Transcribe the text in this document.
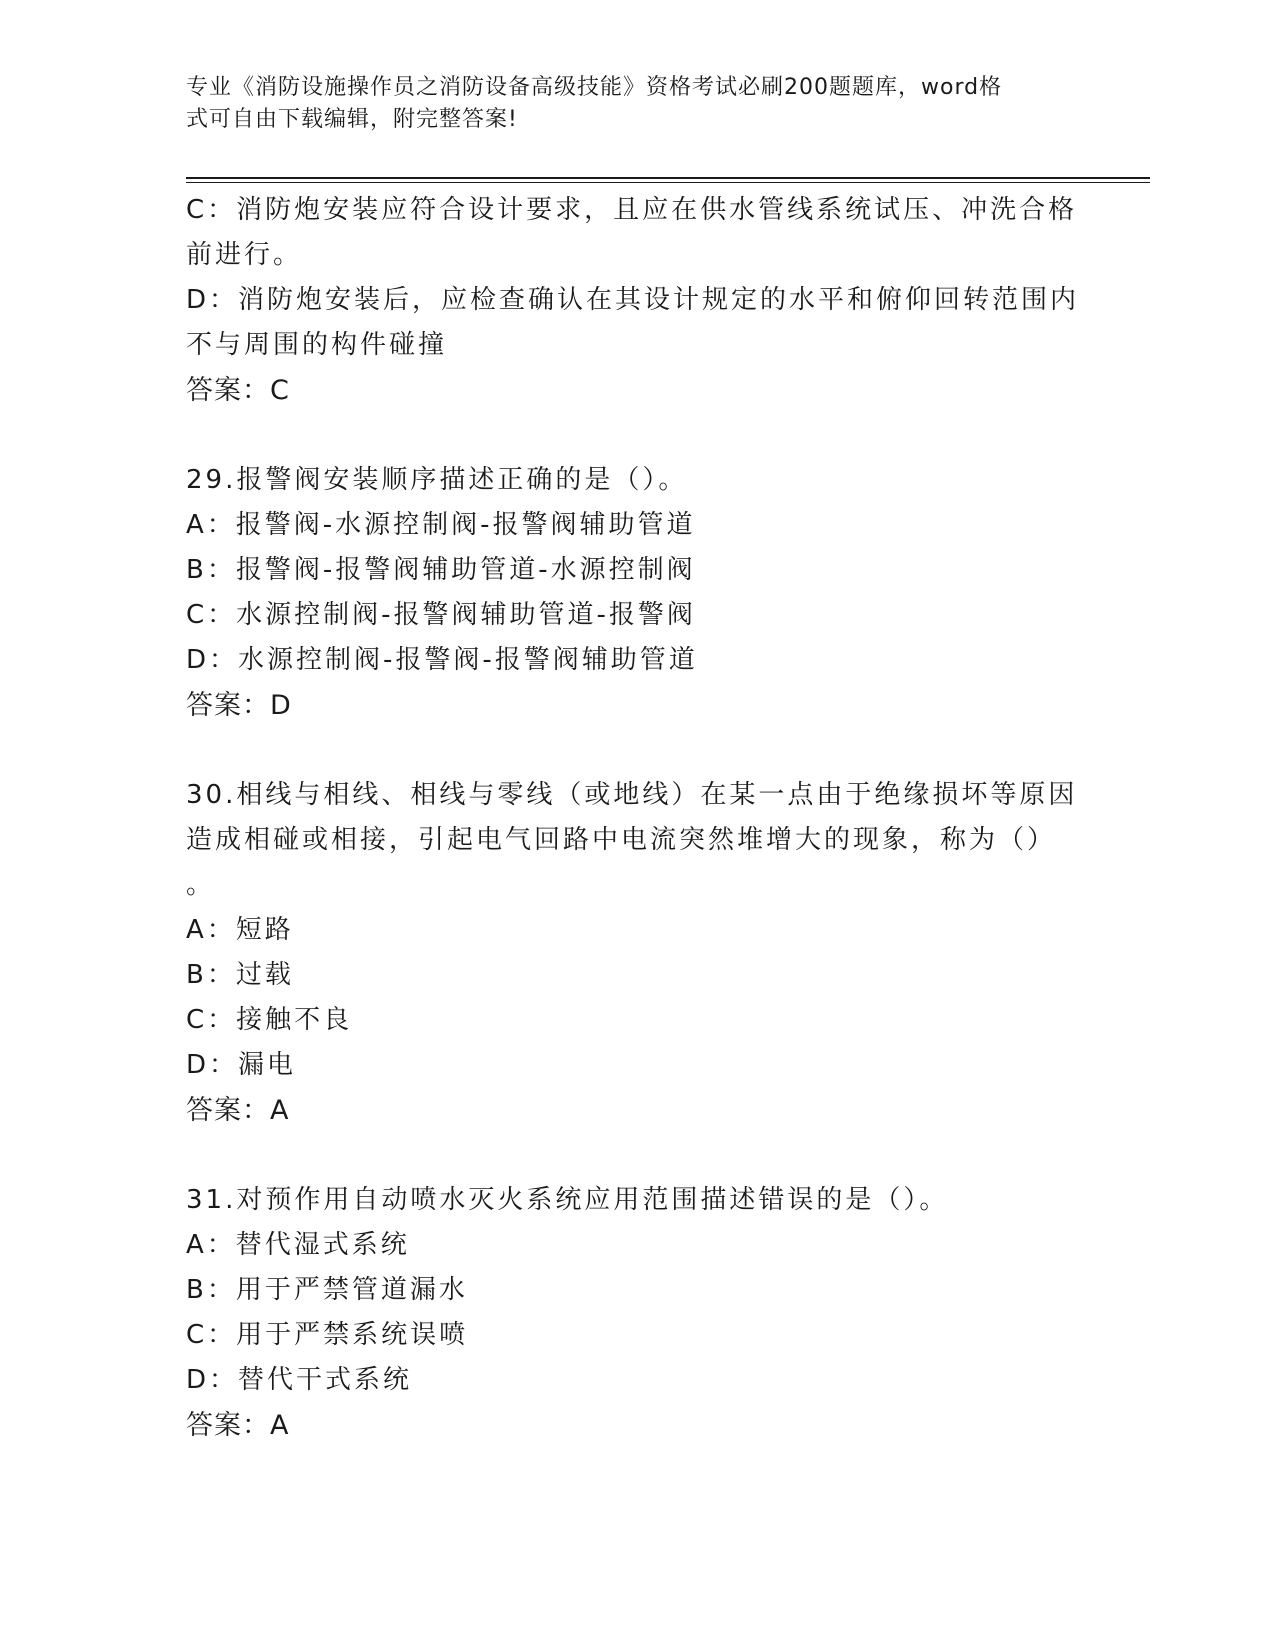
专业《消防设施操作员之消防设备高级技能》资格考试必刷200题题库，word格
式可自由下载编辑，附完整答案!
C：消防炮安装应符合设计要求，且应在供水管线系统试压、冲洗合格
前进行。
D：消防炮安装后，应检查确认在其设计规定的水平和俯仰回转范围内
不与周围的构件碰撞
答案：C
29.报警阀安装顺序描述正确的是（）。
A：报警阀-水源控制阀-报警阀辅助管道
B：报警阀-报警阀辅助管道-水源控制阀
C：水源控制阀-报警阀辅助管道-报警阀
D：水源控制阀-报警阀-报警阀辅助管道
答案：D
30.相线与相线、相线与零线（或地线）在某一点由于绝缘损坏等原因
造成相碰或相接，引起电气回路中电流突然堆增大的现象，称为（）
。
A：短路
B：过载
C：接触不良
D：漏电
答案：A
31.对预作用自动喷水灭火系统应用范围描述错误的是（）。
A：替代湿式系统
B：用于严禁管道漏水
C：用于严禁系统误喷
D：替代干式系统
答案：A
